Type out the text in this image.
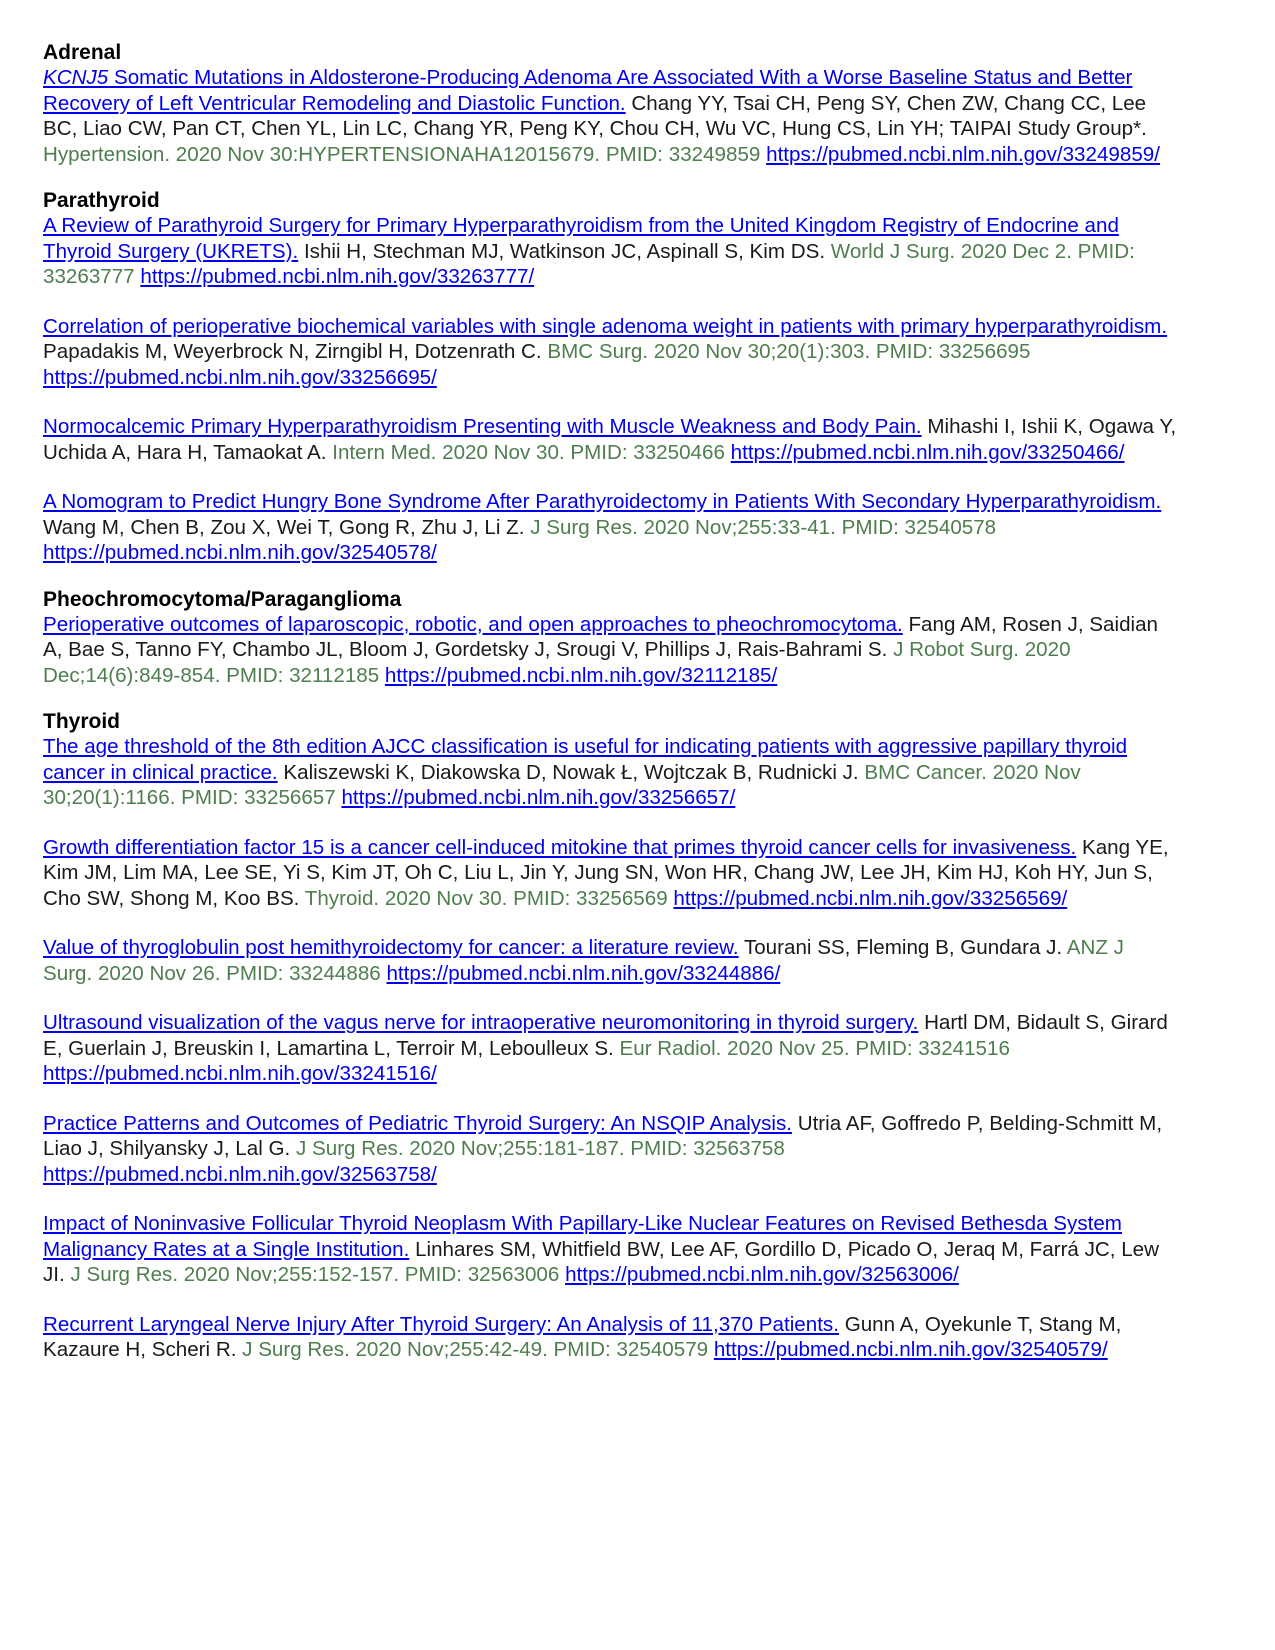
Adrenal

KCNJ5 Somatic Mutations in Aldosterone-Producing Adenoma Are Associated With a Worse Baseline Status and Better Recovery of Left Ventricular Remodeling and Diastolic Function. Chang YY, Tsai CH, Peng SY, Chen ZW, Chang CC, Lee BC, Liao CW, Pan CT, Chen YL, Lin LC, Chang YR, Peng KY, Chou CH, Wu VC, Hung CS, Lin YH; TAIPAI Study Group*. Hypertension. 2020 Nov 30:HYPERTENSIONAHA12015679. PMID: 33249859 https://pubmed.ncbi.nlm.nih.gov/33249859/

Parathyroid

A Review of Parathyroid Surgery for Primary Hyperparathyroidism from the United Kingdom Registry of Endocrine and Thyroid Surgery (UKRETS). Ishii H, Stechman MJ, Watkinson JC, Aspinall S, Kim DS. World J Surg. 2020 Dec 2. PMID: 33263777 https://pubmed.ncbi.nlm.nih.gov/33263777/

Correlation of perioperative biochemical variables with single adenoma weight in patients with primary hyperparathyroidism. Papadakis M, Weyerbrock N, Zirngibl H, Dotzenrath C. BMC Surg. 2020 Nov 30;20(1):303. PMID: 33256695 https://pubmed.ncbi.nlm.nih.gov/33256695/

Normocalcemic Primary Hyperparathyroidism Presenting with Muscle Weakness and Body Pain. Mihashi I, Ishii K, Ogawa Y, Uchida A, Hara H, Tamaokat A. Intern Med. 2020 Nov 30. PMID: 33250466 https://pubmed.ncbi.nlm.nih.gov/33250466/

A Nomogram to Predict Hungry Bone Syndrome After Parathyroidectomy in Patients With Secondary Hyperparathyroidism. Wang M, Chen B, Zou X, Wei T, Gong R, Zhu J, Li Z. J Surg Res. 2020 Nov;255:33-41. PMID: 32540578 https://pubmed.ncbi.nlm.nih.gov/32540578/

Pheochromocytoma/Paraganglioma

Perioperative outcomes of laparoscopic, robotic, and open approaches to pheochromocytoma. Fang AM, Rosen J, Saidian A, Bae S, Tanno FY, Chambo JL, Bloom J, Gordetsky J, Srougi V, Phillips J, Rais-Bahrami S. J Robot Surg. 2020 Dec;14(6):849-854. PMID: 32112185 https://pubmed.ncbi.nlm.nih.gov/32112185/

Thyroid

The age threshold of the 8th edition AJCC classification is useful for indicating patients with aggressive papillary thyroid cancer in clinical practice. Kaliszewski K, Diakowska D, Nowak Ł, Wojtczak B, Rudnicki J. BMC Cancer. 2020 Nov 30;20(1):1166. PMID: 33256657 https://pubmed.ncbi.nlm.nih.gov/33256657/

Growth differentiation factor 15 is a cancer cell-induced mitokine that primes thyroid cancer cells for invasiveness. Kang YE, Kim JM, Lim MA, Lee SE, Yi S, Kim JT, Oh C, Liu L, Jin Y, Jung SN, Won HR, Chang JW, Lee JH, Kim HJ, Koh HY, Jun S, Cho SW, Shong M, Koo BS. Thyroid. 2020 Nov 30. PMID: 33256569 https://pubmed.ncbi.nlm.nih.gov/33256569/

Value of thyroglobulin post hemithyroidectomy for cancer: a literature review. Tourani SS, Fleming B, Gundara J. ANZ J Surg. 2020 Nov 26. PMID: 33244886 https://pubmed.ncbi.nlm.nih.gov/33244886/

Ultrasound visualization of the vagus nerve for intraoperative neuromonitoring in thyroid surgery. Hartl DM, Bidault S, Girard E, Guerlain J, Breuskin I, Lamartina L, Terroir M, Leboulleux S. Eur Radiol. 2020 Nov 25. PMID: 33241516 https://pubmed.ncbi.nlm.nih.gov/33241516/

Practice Patterns and Outcomes of Pediatric Thyroid Surgery: An NSQIP Analysis. Utria AF, Goffredo P, Belding-Schmitt M, Liao J, Shilyansky J, Lal G. J Surg Res. 2020 Nov;255:181-187. PMID: 32563758 https://pubmed.ncbi.nlm.nih.gov/32563758/

Impact of Noninvasive Follicular Thyroid Neoplasm With Papillary-Like Nuclear Features on Revised Bethesda System Malignancy Rates at a Single Institution. Linhares SM, Whitfield BW, Lee AF, Gordillo D, Picado O, Jeraq M, Farrá JC, Lew JI. J Surg Res. 2020 Nov;255:152-157. PMID: 32563006 https://pubmed.ncbi.nlm.nih.gov/32563006/

Recurrent Laryngeal Nerve Injury After Thyroid Surgery: An Analysis of 11,370 Patients. Gunn A, Oyekunle T, Stang M, Kazaure H, Scheri R. J Surg Res. 2020 Nov;255:42-49. PMID: 32540579 https://pubmed.ncbi.nlm.nih.gov/32540579/
